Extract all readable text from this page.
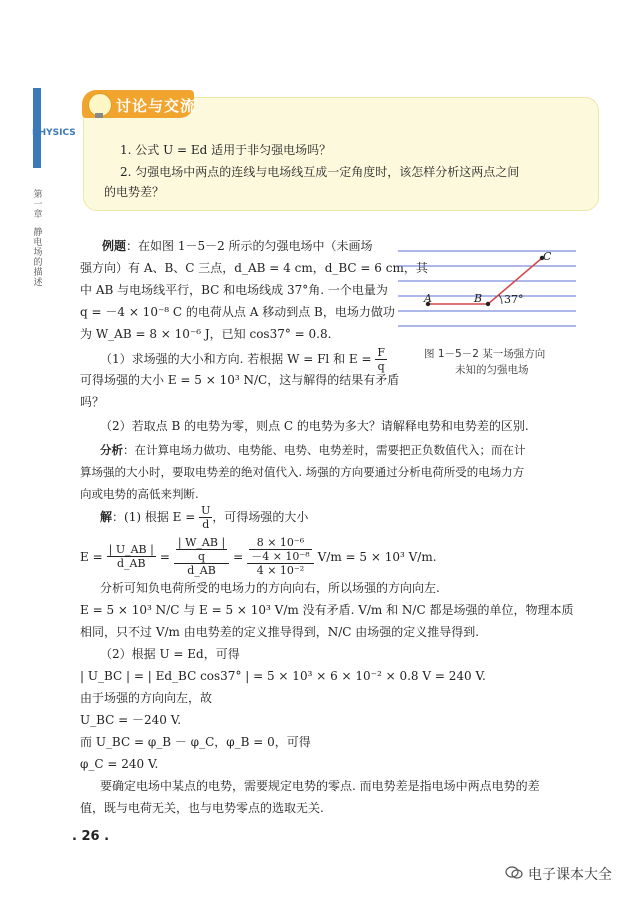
PHYSICS
第一章
静电场的描述
讨论与交流
1. 公式 U = Ed 适用于非匀强电场吗？
2. 匀强电场中两点的连线与电场线互成一定角度时，该怎样分析这两点之间
的电势差？
例题：在如图 1－5－2 所示的匀强电场中（未画场
强方向）有 A、B、C 三点，d_AB = 4 cm，d_BC = 6 cm，其
中 AB 与电场线平行，BC 和电场线成 37°角. 一个电量为
q = －4 × 10⁻⁸ C 的电荷从点 A 移动到点 B，电场力做功
为 W_AB = 8 × 10⁻⁶ J，已知 cos37° = 0.8.
A	B
C
37°
图 1－5－2 某一场强方向
未知的匀强电场
（1）求场强的大小和方向. 若根据 W = Fl 和 $E = \frac{F}{q}$
可得场强的大小 E = 5 × 10³ N/C，这与解得的结果有矛盾
吗？
（2）若取点 B 的电势为零，则点 C 的电势为多大？请解释电势和电势差的区别.
分析：在计算电场力做功、电势能、电势、电势差时，需要把正负数值代入；而在计
算场强的大小时，要取电势差的绝对值代入. 场强的方向要通过分析电荷所受的电场力方
向或电势的高低来判断.
解：(1) 根据 $E = \frac{U}{d}$ ，可得场强的大小
$E = \frac{| U\_AB |}{d\_AB} = \frac{\frac{| W\_AB |}{q}}{d\_AB} = \frac{\frac{\text{8 × 10⁻⁶}}{\text{－4 × 10⁻⁸}}}{\text{4 × 10⁻²}} V/m = 5 \times 10^3$ V/m.
分析可知负电荷所受的电场力的方向向右，所以场强的方向向左.
E = 5 × 10³ N/C 与 E = 5 × 10³ V/m 没有矛盾. V/m 和 N/C 都是场强的单位，物理本质
相同，只不过 V/m 由电势差的定义推导得到，N/C 由场强的定义推导得到.
（2）根据 U = Ed，可得
| U_BC | = | Ed_BC cos37° | = 5 × 10³ × 6 × 10⁻² × 0.8 V = 240 V.
由于场强的方向向左，故
U_BC = －240 V.
而 U_BC = φ_B － φ_C，φ_B = 0，可得
φ_C = 240 V.
要确定电场中某点的电势，需要规定电势的零点. 而电势差是指电场中两点电势的差
值，既与电荷无关，也与电势零点的选取无关.
. 26 .
电子课本大全
